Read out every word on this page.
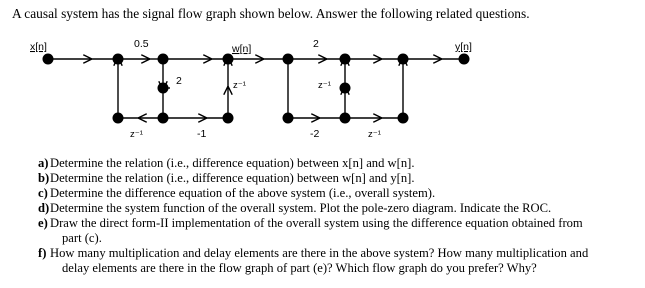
A causal system has the signal flow graph shown below. Answer the following related questions.
x[n]	0.5	w[n]	2	y[n]
2	z⁻¹	z⁻¹
z⁻¹	-1	-2	z⁻¹
a) Determine the relation (i.e., difference equation) between x[n] and w[n].
b) Determine the relation (i.e., difference equation) between w[n] and y[n].
c) Determine the difference equation of the above system (i.e., overall system).
d) Determine the system function of the overall system. Plot the pole-zero diagram. Indicate the ROC.
e) Draw the direct form-II implementation of the overall system using the difference equation obtained from
part (c).
f) How many multiplication and delay elements are there in the above system? How many multiplication and
delay elements are there in the flow graph of part (e)? Which flow graph do you prefer? Why?
